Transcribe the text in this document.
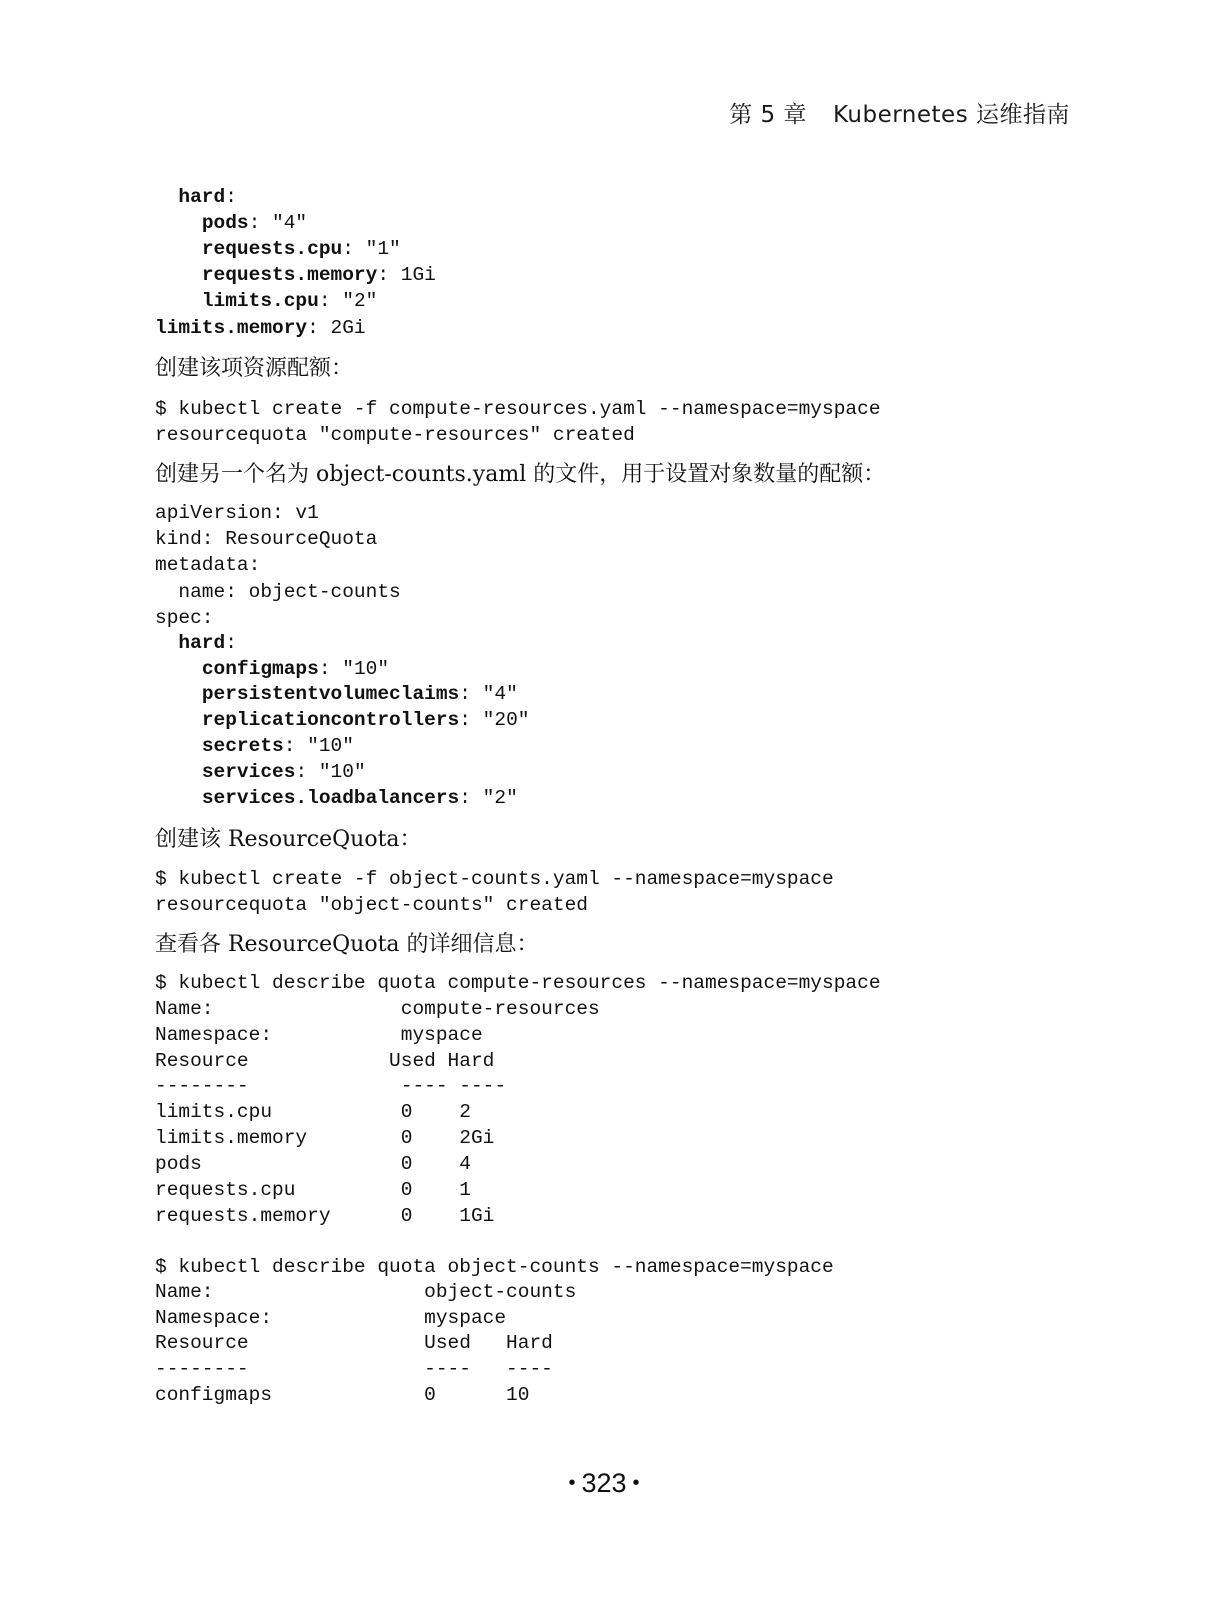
第 5 章 Kubernetes 运维指南
hard:
pods: "4"
requests.cpu: "1"
requests.memory: 1Gi
limits.cpu: "2"
limits.memory: 2Gi
创建该项资源配额：
$ kubectl create -f compute-resources.yaml --namespace=myspace
resourcequota "compute-resources" created
创建另一个名为 object-counts.yaml 的文件，用于设置对象数量的配额：
apiVersion: v1
kind: ResourceQuota
metadata:
name: object-counts
spec:
hard:
configmaps: "10"
persistentvolumeclaims: "4"
replicationcontrollers: "20"
secrets: "10"
services: "10"
services.loadbalancers: "2"
创建该 ResourceQuota：
$ kubectl create -f object-counts.yaml --namespace=myspace
resourcequota "object-counts" created
查看各 ResourceQuota 的详细信息：
$ kubectl describe quota compute-resources --namespace=myspace
Name:                compute-resources
Namespace:           myspace
Resource            Used Hard
--------             ---- ----
limits.cpu           0    2
limits.memory        0    2Gi
pods                 0    4
requests.cpu         0    1
requests.memory      0    1Gi
$ kubectl describe quota object-counts --namespace=myspace
Name:                  object-counts
Namespace:             myspace
Resource               Used   Hard
--------               ----   ----
configmaps             0      10
• 323 •
